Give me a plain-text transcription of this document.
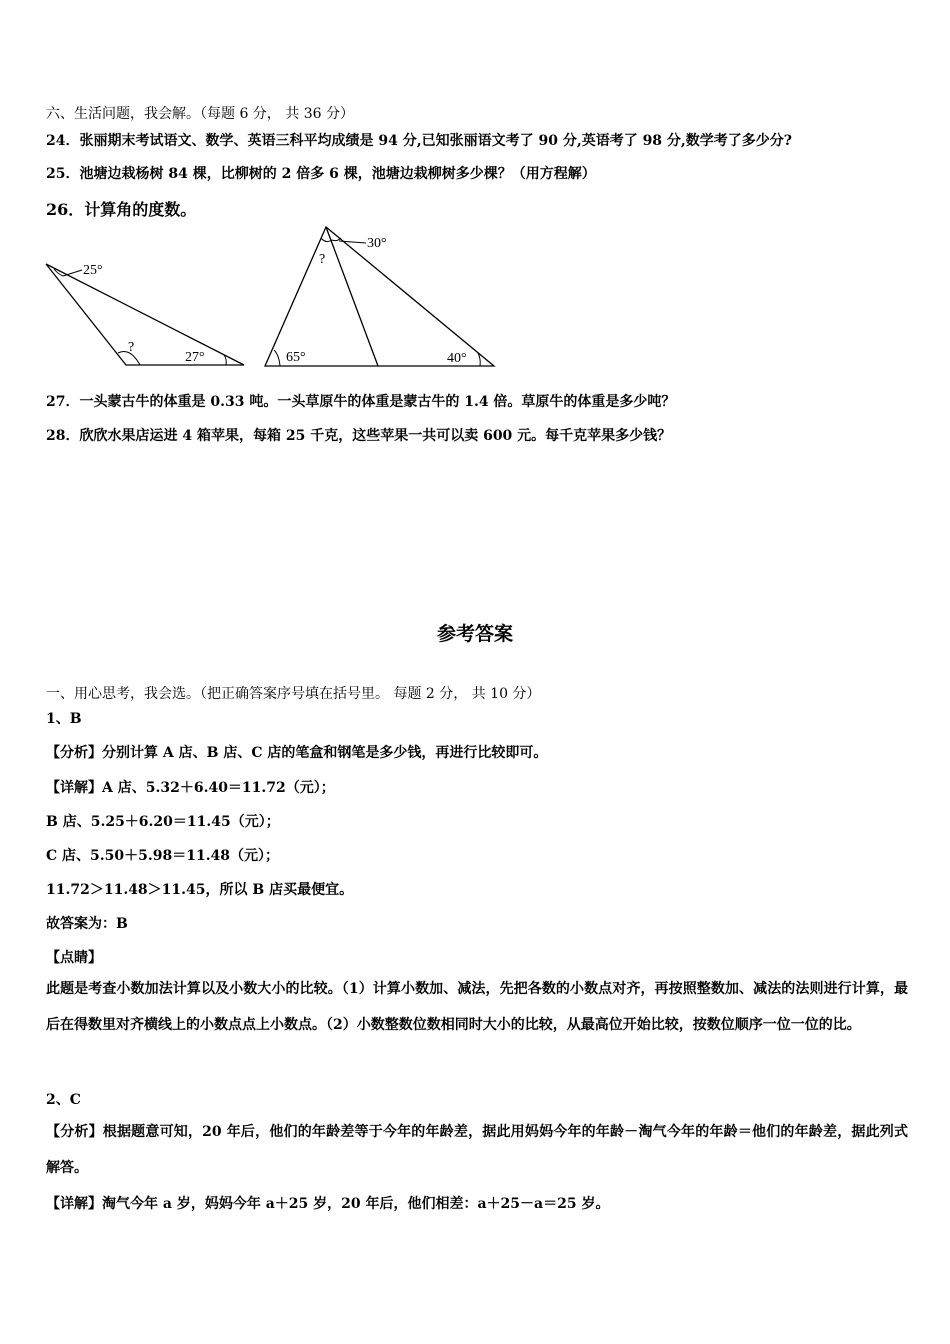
六、生活问题，我会解。（每题 6 分， 共 36 分）
24．张丽期末考试语文、数学、英语三科平均成绩是 94 分,已知张丽语文考了 90 分,英语考了 98 分,数学考了多少分?
25．池塘边栽杨树 84 棵，比柳树的 2 倍多 6 棵，池塘边栽柳树多少棵？（用方程解）
26．计算角的度数。
25°
?
27°
30°
?
65°	40°
27．一头蒙古牛的体重是 0.33 吨。一头草原牛的体重是蒙古牛的 1.4 倍。草原牛的体重是多少吨？
28．欣欣水果店运进 4 箱苹果，每箱 25 千克，这些苹果一共可以卖 600 元。每千克苹果多少钱？
参考答案
一、用心思考，我会选。（把正确答案序号填在括号里。 每题 2 分， 共 10 分）
1、B
【分析】分别计算 A 店、B 店、C 店的笔盒和钢笔是多少钱，再进行比较即可。
【详解】A 店、5.32＋6.40＝11.72（元）；
B 店、5.25＋6.20＝11.45（元）；
C 店、5.50＋5.98＝11.48（元）；
11.72＞11.48＞11.45，所以 B 店买最便宜。
故答案为：B
【点睛】
此题是考查小数加法计算以及小数大小的比较。（1）计算小数加、减法，先把各数的小数点对齐，再按照整数加、减法的法则进行计算，最后在得数里对齐横线上的小数点点上小数点。（2）小数整数位数相同时大小的比较，从最高位开始比较，按数位顺序一位一位的比。
2、C
【分析】根据题意可知，20 年后，他们的年龄差等于今年的年龄差，据此用妈妈今年的年龄－淘气今年的年龄＝他们的年龄差，据此列式解答。
【详解】淘气今年 a 岁，妈妈今年 a＋25 岁，20 年后，他们相差：a＋25－a＝25 岁。
